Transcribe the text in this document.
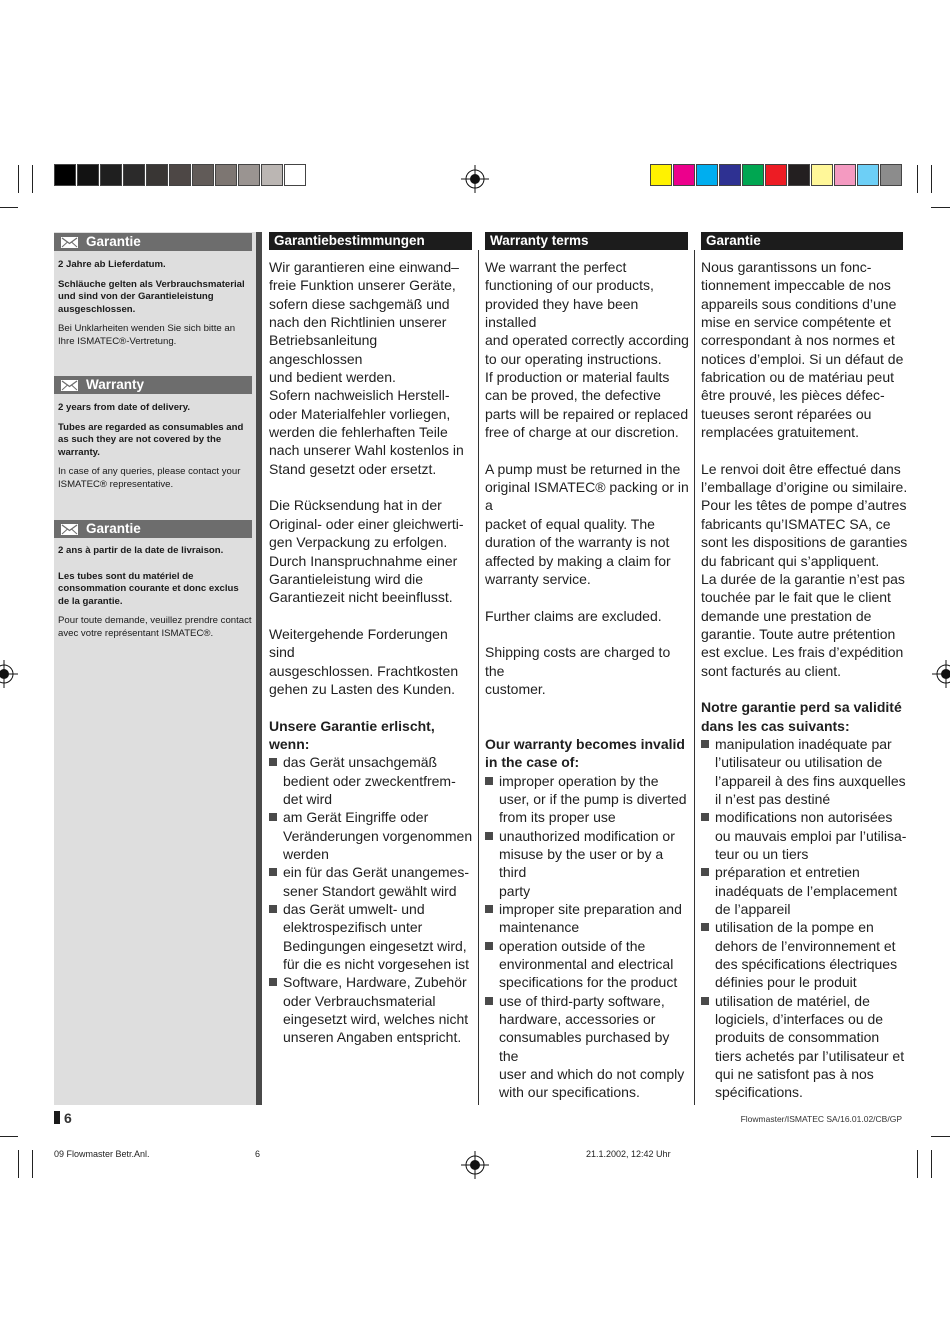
Garantie

2 Jahre ab Lieferdatum.

Schläuche gelten als Verbrauchsmaterial und sind von der Garantieleistung ausgeschlossen.

Bei Unklarheiten wenden Sie sich bitte an Ihre ISMATEC®-Vertretung.

Warranty

2 years from date of delivery.

Tubes are regarded as consumables and as such they are not covered by the warranty.

In case of any queries, please contact your ISMATEC® representative.

Garantie

2 ans à partir de la date de livraison.

Les tubes sont du matériel de consommation courante et donc exclus de la garantie.

Pour toute demande, veuillez prendre contact avec votre représentant ISMATEC®.

Garantiebestimmungen
Wir garantieren eine einwand–
freie Funktion unserer Geräte,
sofern diese sachgemäß und
nach den Richtlinien unserer
Betriebsanleitung angeschlossen
und bedient werden.
Sofern nachweislich Herstell-
oder Materialfehler vorliegen,
werden die fehlerhaften Teile
nach unserer Wahl kostenlos in
Stand gesetzt oder ersetzt.
Die Rücksendung hat in der
Original- oder einer gleichwerti-
gen Verpackung zu erfolgen.
Durch Inanspruchnahme einer
Garantieleistung wird die
Garantiezeit nicht beeinflusst.
Weitergehende Forderungen sind
ausgeschlossen. Frachtkosten
gehen zu Lasten des Kunden.
Unsere Garantie erlischt, wenn:
das Gerät unsachgemäß
bedient oder zweckentfrem-
det wird
am Gerät Eingriffe oder
Veränderungen vorgenommen
werden
ein für das Gerät unangemes-
sener Standort gewählt wird
das Gerät umwelt- und
elektrospezifisch unter
Bedingungen eingesetzt wird,
für die es nicht vorgesehen ist
Software, Hardware, Zubehör
oder Verbrauchsmaterial
eingesetzt wird, welches nicht
unseren Angaben entspricht.
Warranty terms
We warrant the perfect
functioning of our products,
provided they have been installed
and operated correctly according
to our operating instructions.
If production or material faults
can be proved, the defective
parts will be repaired or replaced
free of charge at our discretion.
A pump must be returned in the
original ISMATEC® packing or in a
packet of equal quality. The
duration of the warranty is not
affected by making a claim for
warranty service.
Further claims are excluded.
Shipping costs are charged to the
customer.
Our warranty becomes invalid
in the case of:
improper operation by the
user, or if the pump is diverted
from its proper use
unauthorized modification or
misuse by the user or by a third
party
improper site preparation and
maintenance
operation outside of the
environmental and electrical
specifications for the product
use of third-party software,
hardware, accessories or
consumables purchased by the
user and which do not comply
with our specifications.
Garantie
Nous garantissons un fonc-
tionnement impeccable de nos
appareils sous conditions d’une
mise en service compétente et
correspondant à nos normes et
notices d’emploi. Si un défaut de
fabrication ou de matériau peut
être prouvé, les pièces défec-
tueuses seront réparées ou
remplacées gratuitement.
Le renvoi doit être effectué dans
l’emballage d’origine ou similaire.
Pour les têtes de pompe d’autres
fabricants qu’ISMATEC SA, ce
sont les dispositions de garanties
du fabricant qui s’appliquent.
La durée de la garantie n’est pas
touchée par le fait que le client
demande une prestation de
garantie. Toute autre prétention
est exclue. Les frais d’expédition
sont facturés au client.
Notre garantie perd sa validité
dans les cas suivants:
manipulation inadéquate par
l’utilisateur ou utilisation de
l’appareil à des fins auxquelles
il n’est pas destiné
modifications non autorisées
ou mauvais emploi par l’utilisa-
teur ou un tiers
préparation et entretien
inadéquats de l’emplacement
de l’appareil
utilisation de la pompe en
dehors de l’environnement et
des spécifications électriques
définies pour le produit
utilisation de matériel, de
logiciels, d’interfaces ou de
produits de consommation
tiers achetés par l’utilisateur et
qui ne satisfont pas à nos
spécifications.
6	Flowmaster/ISMATEC SA/16.01.02/CB/GP
09 Flowmaster Betr.Anl.	6	21.1.2002, 12:42 Uhr
